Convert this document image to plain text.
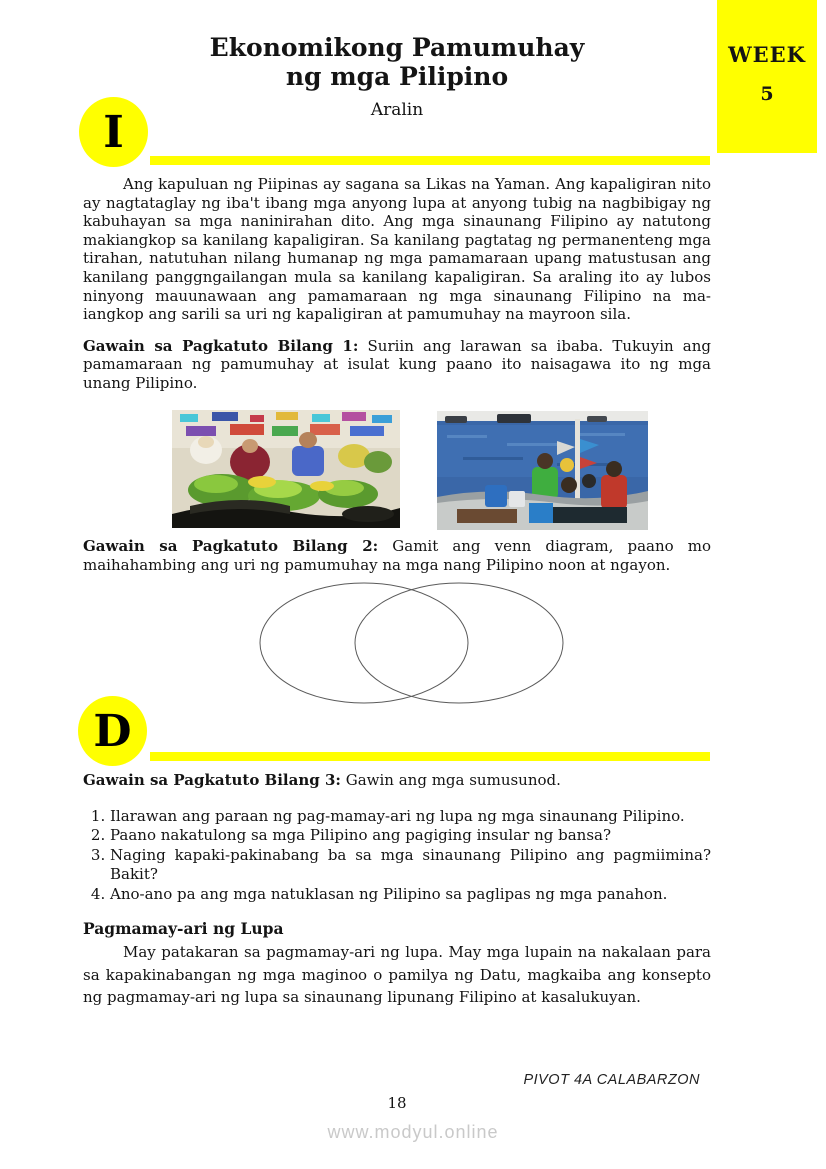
WEEK
5
Ekonomikong Pamumuhay
ng mga Pilipino
Aralin
I

Ang kapuluan ng Piipinas ay sagana sa Likas na Yaman. Ang kapaligiran nito ay nagtataglay ng iba't ibang mga anyong lupa at anyong tubig na nagbibigay ng kabuhayan sa mga naninirahan dito. Ang mga sinaunang Filipino ay natutong makiangkop sa kanilang kapaligiran. Sa kanilang pagtatag ng permanenteng mga tirahan, natutuhan nilang humanap ng mga pamamaraan upang matustusan ang kanilang panggngailangan mula sa kanilang kapaligiran. Sa araling ito ay lubos ninyong mauunawaan ang pamamaraan ng mga sinaunang Filipino na ma-iangkop ang sarili sa uri ng kapaligiran at pamumuhay na mayroon sila.

Gawain sa Pagkatuto Bilang 1: Suriin ang larawan sa ibaba. Tukuyin ang pamamaraan ng pamumuhay at isulat kung paano ito naisagawa ito ng mga unang Pilipino.

Gawain sa Pagkatuto Bilang 2: Gamit ang venn diagram, paano mo maihahambing ang uri ng pamumuhay na mga nang Pilipino noon at ngayon.

D

Gawain sa Pagkatuto Bilang 3: Gawin ang mga sumusunod.

1. Ilarawan ang paraan ng pag-mamay-ari ng lupa ng mga sinaunang Pilipino.
2. Paano nakatulong sa mga Pilipino ang pagiging insular ng bansa?
3. Naging kapaki-pakinabang ba sa mga sinaunang Pilipino ang pagmiimina? Bakit?
4. Ano-ano pa ang mga natuklasan ng Pilipino sa paglipas ng mga panahon.
Pagmamay-ari ng Lupa

May patakaran sa pagmamay-ari ng lupa. May mga lupain na nakalaan para sa kapakinabangan ng mga maginoo o pamilya ng Datu, magkaiba ang konsepto ng pagmamay-ari ng lupa sa sinaunang lipunang Filipino at kasalukuyan.

PIVOT 4A CALABARZON
18
www.modyul.online
